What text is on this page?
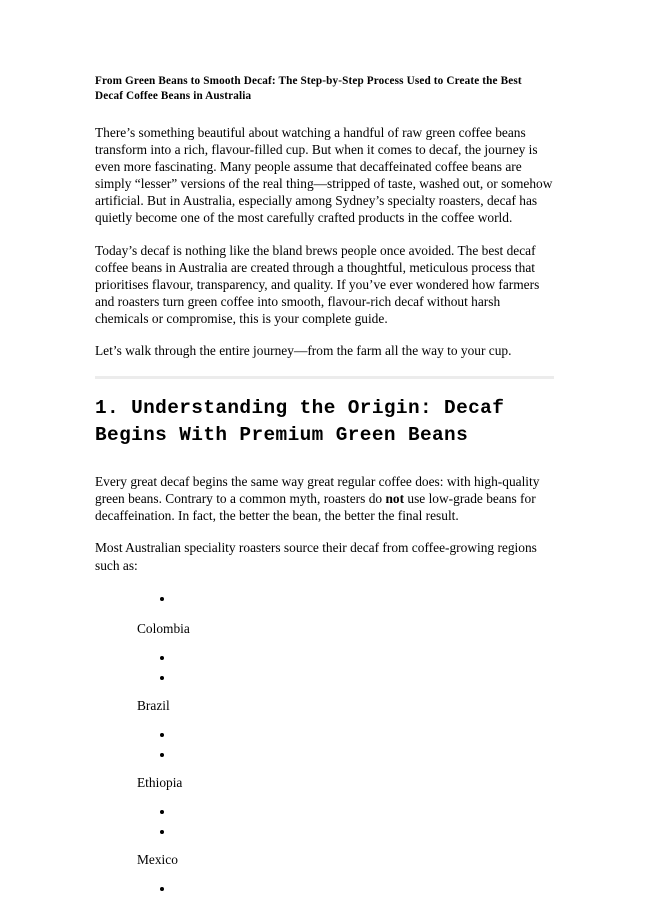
From Green Beans to Smooth Decaf: The Step-by-Step Process Used to Create the Best Decaf Coffee Beans in Australia

There’s something beautiful about watching a handful of raw green coffee beans transform into a rich, flavour-filled cup. But when it comes to decaf, the journey is even more fascinating. Many people assume that decaffeinated coffee beans are simply “lesser” versions of the real thing—stripped of taste, washed out, or somehow artificial. But in Australia, especially among Sydney’s specialty roasters, decaf has quietly become one of the most carefully crafted products in the coffee world.

Today’s decaf is nothing like the bland brews people once avoided. The best decaf coffee beans in Australia are created through a thoughtful, meticulous process that prioritises flavour, transparency, and quality. If you’ve ever wondered how farmers and roasters turn green coffee into smooth, flavour-rich decaf without harsh chemicals or compromise, this is your complete guide.

Let’s walk through the entire journey—from the farm all the way to your cup.

1. Understanding the Origin: Decaf Begins With Premium Green Beans

Every great decaf begins the same way great regular coffee does: with high-quality green beans. Contrary to a common myth, roasters do not use low-grade beans for decaffeination. In fact, the better the bean, the better the final result.

Most Australian speciality roasters source their decaf from coffee-growing regions such as:

Colombia

Brazil

Ethiopia

Mexico
